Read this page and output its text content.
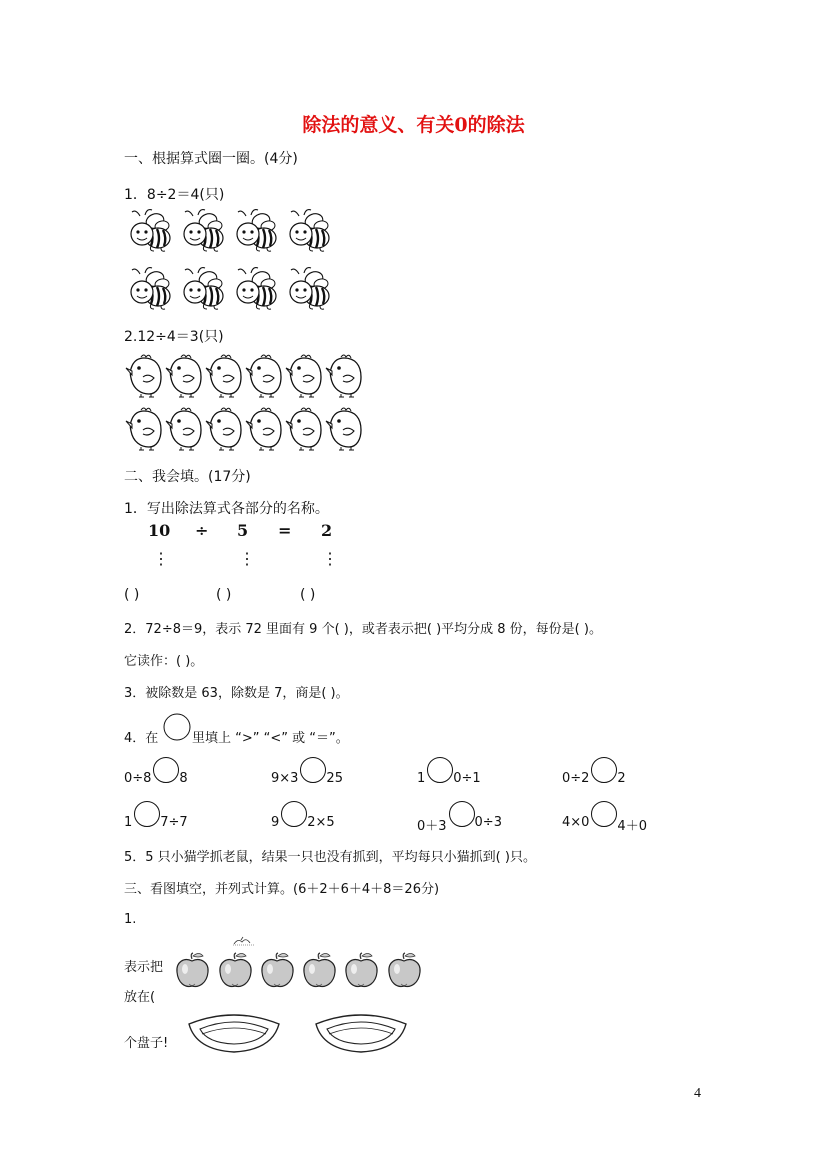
除法的意义、有关0的除法
一、根据算式圈一圈。(4分)
1．8÷2＝4(只)
2.12÷4＝3(只)
二、我会填。(17分)
1．写出除法算式各部分的名称。
10 ÷ 5 = 2
⋮	⋮	⋮
( )	( )	( )
2．72÷8＝9，表示 72 里面有 9 个( )，或者表示把( )平均分成 8 份，每份是( )。
它读作：( )。
3．被除数是 63，除数是 7，商是( )。
4．在	里填上 “>” “<” 或 “＝”。
5．5 只小猫学抓老鼠，结果一只也没有抓到，平均每只小猫抓到( )只。
三、看图填空，并列式计算。(6＋2＋6＋4＋8＝26分)
1.
表示把
放在(
个盘子!
4
0÷8 8	9×3 25	1 0÷1	0÷2 2
1 7÷7	9 2×5	0＋3 0÷3	4×0 4＋0
